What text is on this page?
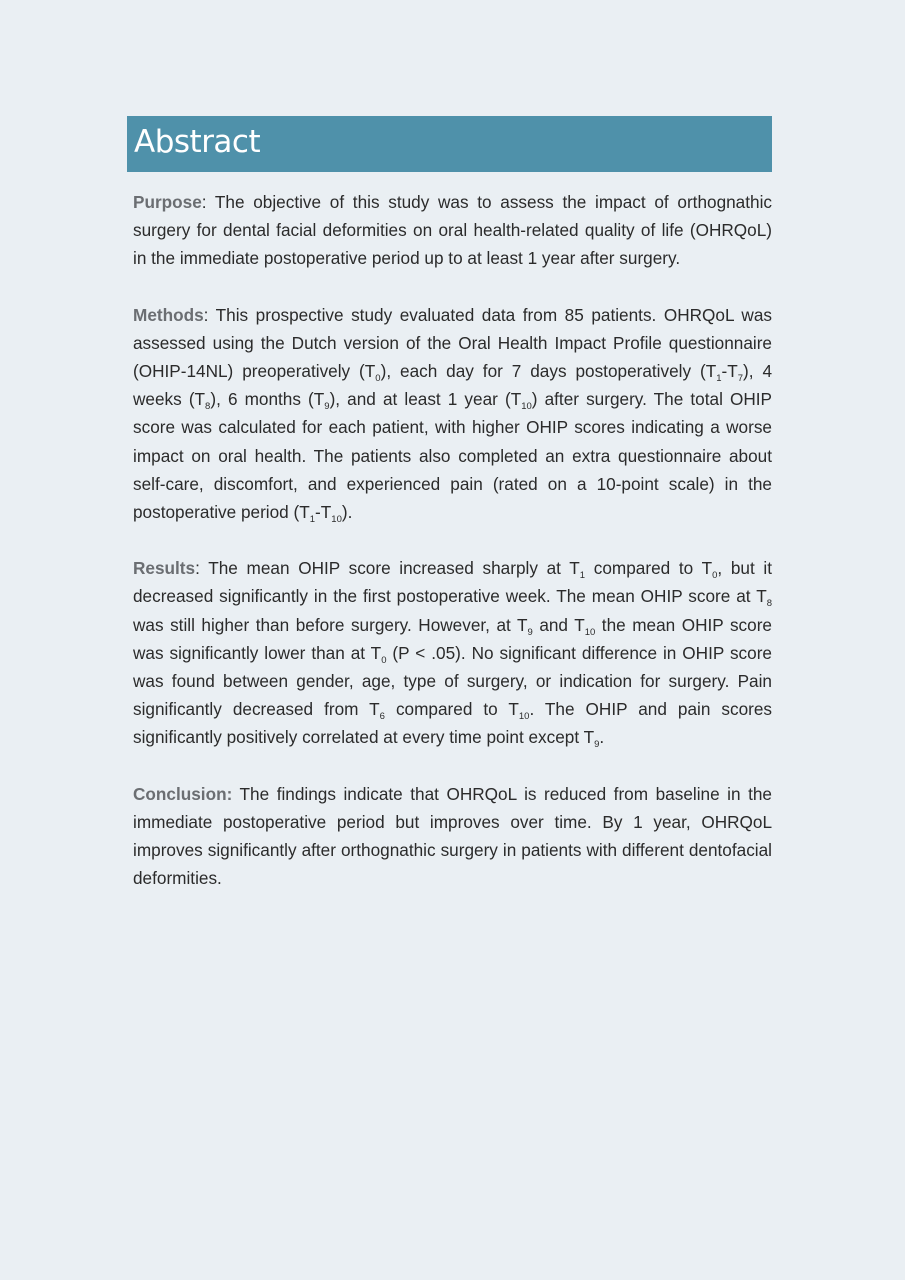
Abstract

Purpose: The objective of this study was to assess the impact of orthognathic surgery for dental facial deformities on oral health-related quality of life (OHRQoL) in the immediate postoperative period up to at least 1 year after surgery.

Methods: This prospective study evaluated data from 85 patients. OHRQoL was assessed using the Dutch version of the Oral Health Impact Profile questionnaire (OHIP-14NL) preoperatively $(T_0)$, each day for 7 days postoperatively $(T_1-T_7)$, 4 weeks $(T_8)$, 6 months $(T_9)$, and at least 1 year $(T_{10})$ after surgery. The total OHIP score was calculated for each patient, with higher OHIP scores indicating a worse impact on oral health. The patients also completed an extra questionnaire about self-care, discomfort, and experienced pain (rated on a 10-point scale) in the postoperative period $(T_1-T_{10})$.

Results: The mean OHIP score increased sharply at $T_1$ compared to $T_0$, but it decreased significantly in the first postoperative week. The mean OHIP score at $T_8$ was still higher than before surgery. However, at $T_9$ and $T_{10}$ the mean OHIP score was significantly lower than at $T_0$ (P < .05). No significant difference in OHIP score was found between gender, age, type of surgery, or indication for surgery. Pain significantly decreased from $T_6$ compared to $T_{10}$. The OHIP and pain scores significantly positively correlated at every time point except $T_9$.

Conclusion: The findings indicate that OHRQoL is reduced from baseline in the immediate postoperative period but improves over time. By 1 year, OHRQoL improves significantly after orthognathic surgery in patients with different dentofacial deformities.
